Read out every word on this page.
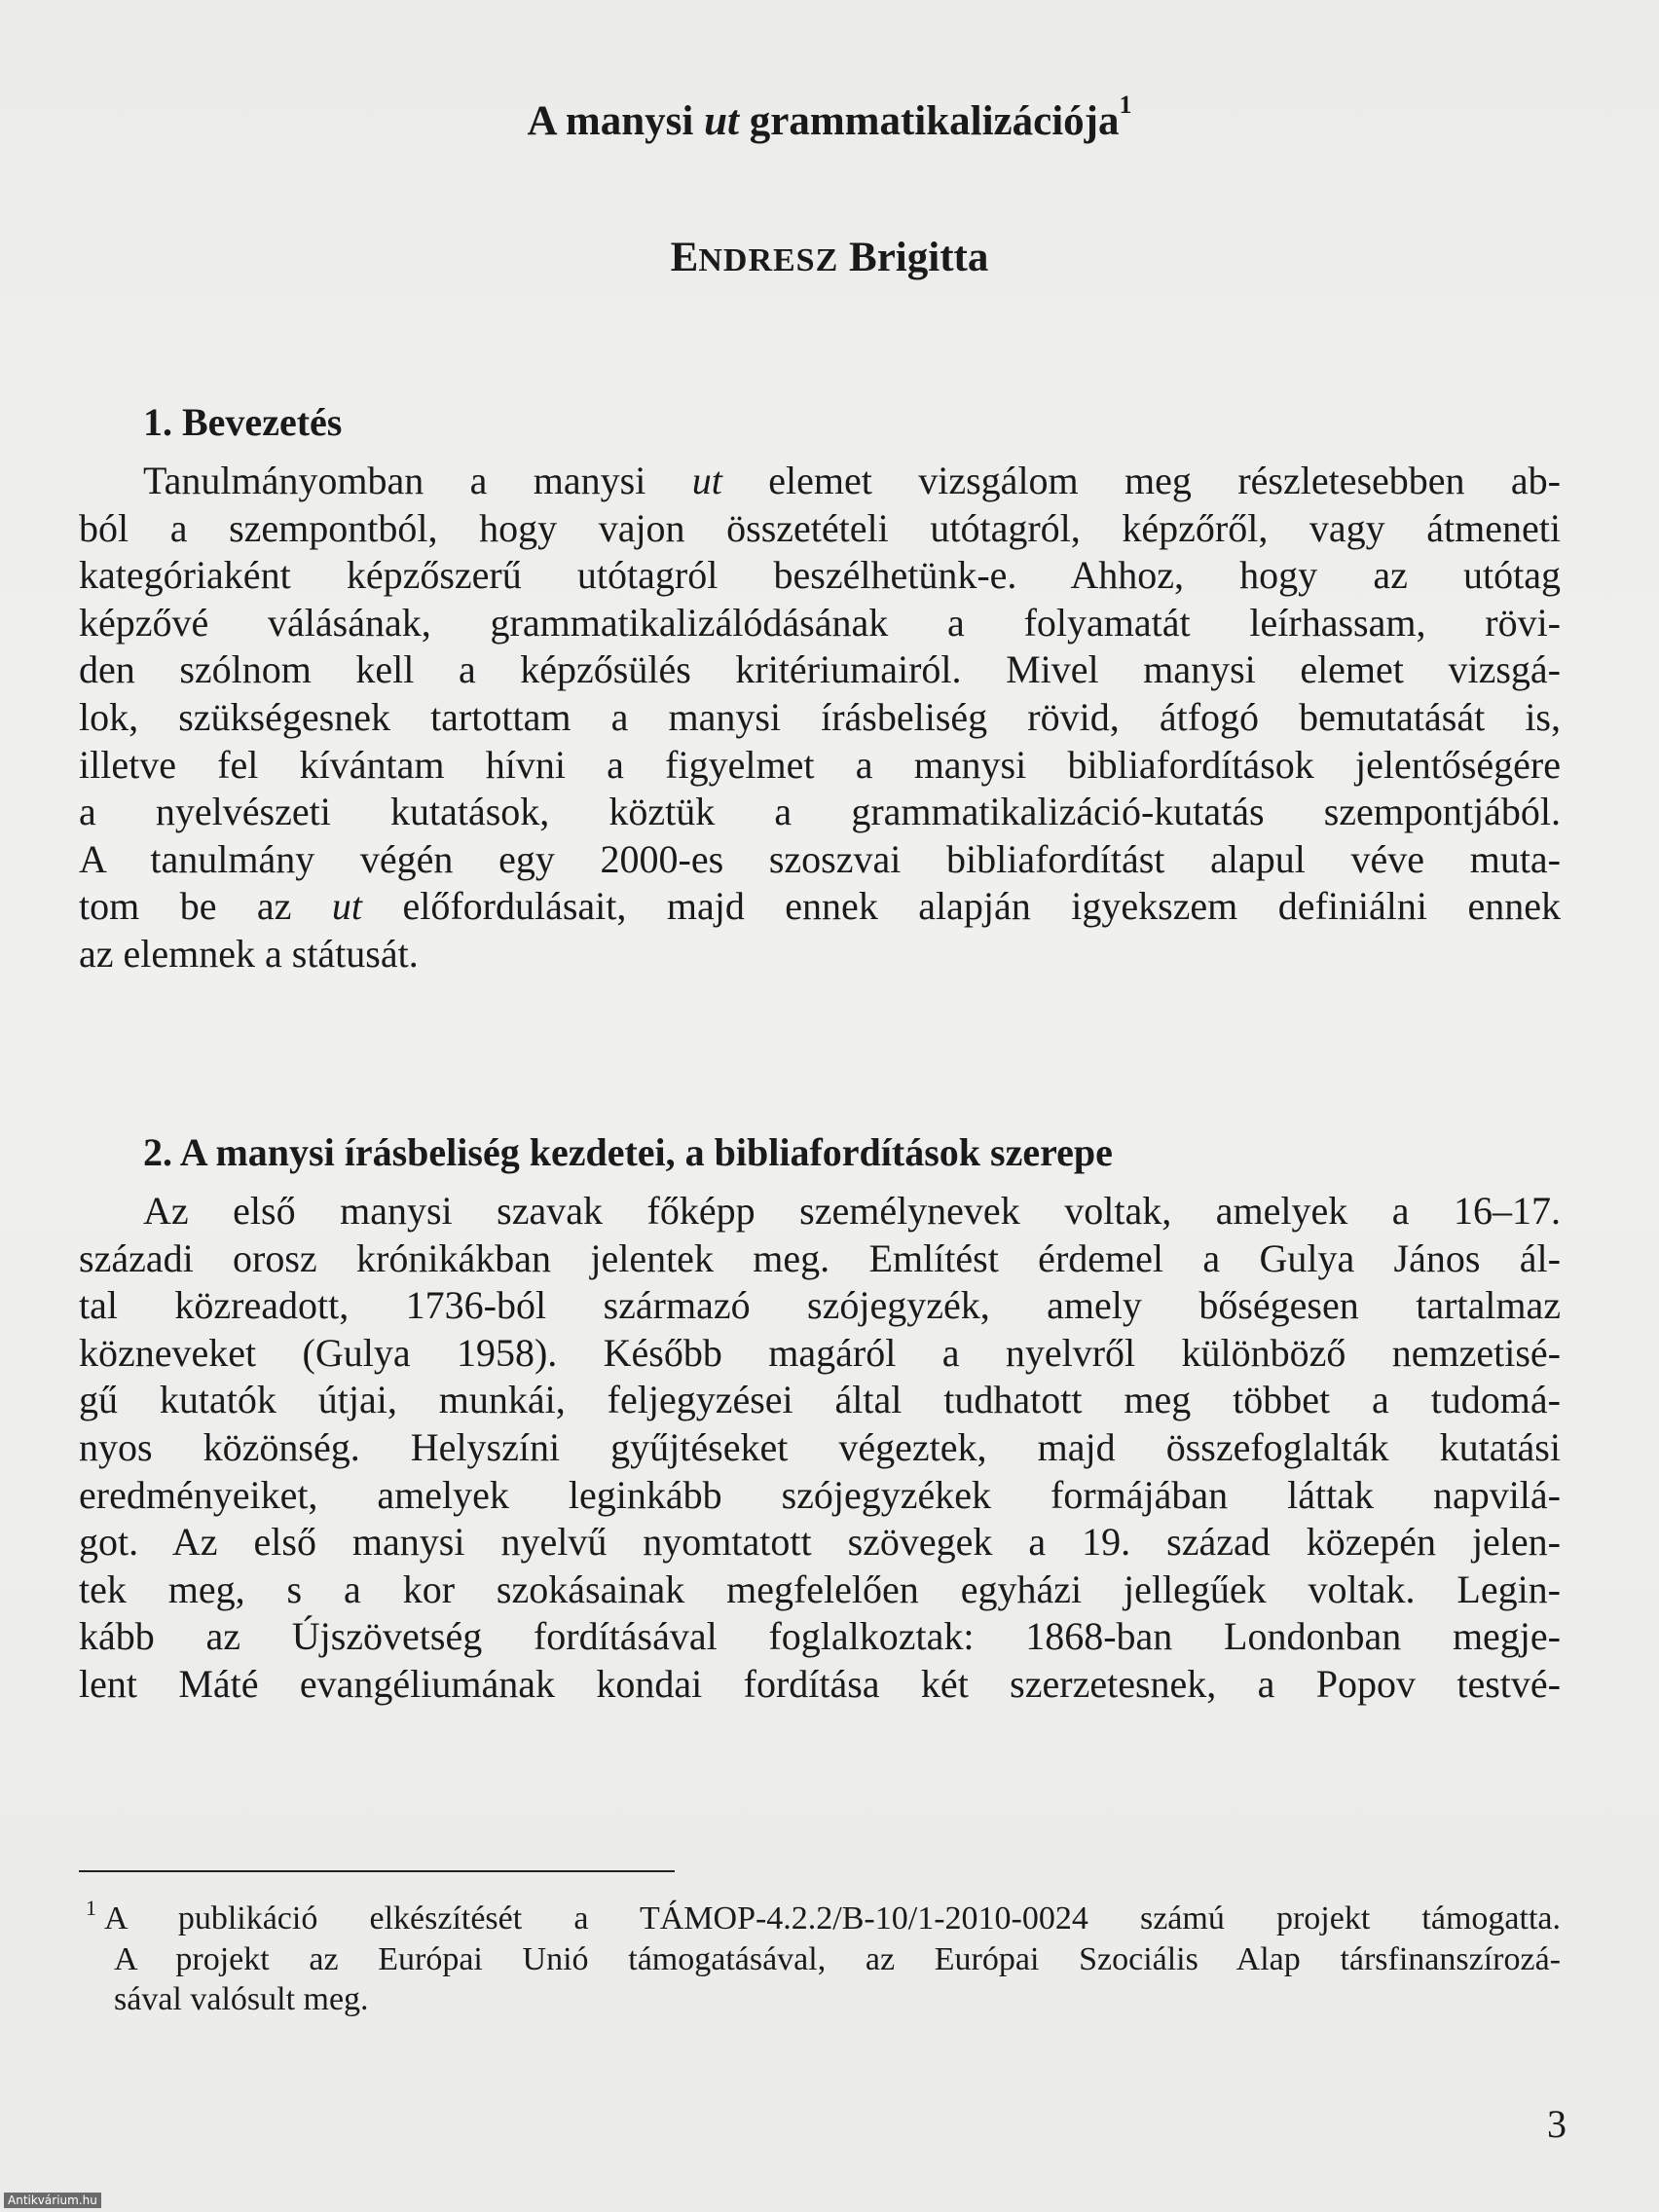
A manysi ut grammatikalizációja$^1$
ENDRESZ Brigitta
1. Bevezetés
Tanulmányomban a manysi ut elemet vizsgálom meg részletesebben ab-
ból a szempontból, hogy vajon összetételi utótagról, képzőről, vagy átmeneti
kategóriaként képzőszerű utótagról beszélhetünk-e. Ahhoz, hogy az utótag
képzővé válásának, grammatikalizálódásának a folyamatát leírhassam, rövi-
den szólnom kell a képzősülés kritériumairól. Mivel manysi elemet vizsgá-
lok, szükségesnek tartottam a manysi írásbeliség rövid, átfogó bemutatását is,
illetve fel kívántam hívni a figyelmet a manysi bibliafordítások jelentőségére
a nyelvészeti kutatások, köztük a grammatikalizáció-kutatás szempontjából.
A tanulmány végén egy 2000-es szoszvai bibliafordítást alapul véve muta-
tom be az ut előfordulásait, majd ennek alapján igyekszem definiálni ennek
az elemnek a státusát.
2. A manysi írásbeliség kezdetei, a bibliafordítások szerepe
Az első manysi szavak főképp személynevek voltak, amelyek a 16–17.
századi orosz krónikákban jelentek meg. Említést érdemel a Gulya János ál-
tal közreadott, 1736-ból származó szójegyzék, amely bőségesen tartalmaz
közneveket (Gulya 1958). Később magáról a nyelvről különböző nemzetisé-
gű kutatók útjai, munkái, feljegyzései által tudhatott meg többet a tudomá-
nyos közönség. Helyszíni gyűjtéseket végeztek, majd összefoglalták kutatási
eredményeiket, amelyek leginkább szójegyzékek formájában láttak napvilá-
got. Az első manysi nyelvű nyomtatott szövegek a 19. század közepén jelen-
tek meg, s a kor szokásainak megfelelően egyházi jellegűek voltak. Legin-
kább az Újszövetség fordításával foglalkoztak: 1868-ban Londonban megje-
lent Máté evangéliumának kondai fordítása két szerzetesnek, a Popov testvé-
$^1$ A publikáció elkészítését a TÁMOP-4.2.2/B-10/1-2010-0024 számú projekt támogatta.
A projekt az Európai Unió támogatásával, az Európai Szociális Alap társfinanszírozá-
sával valósult meg.
3
Antikvárium.hu
